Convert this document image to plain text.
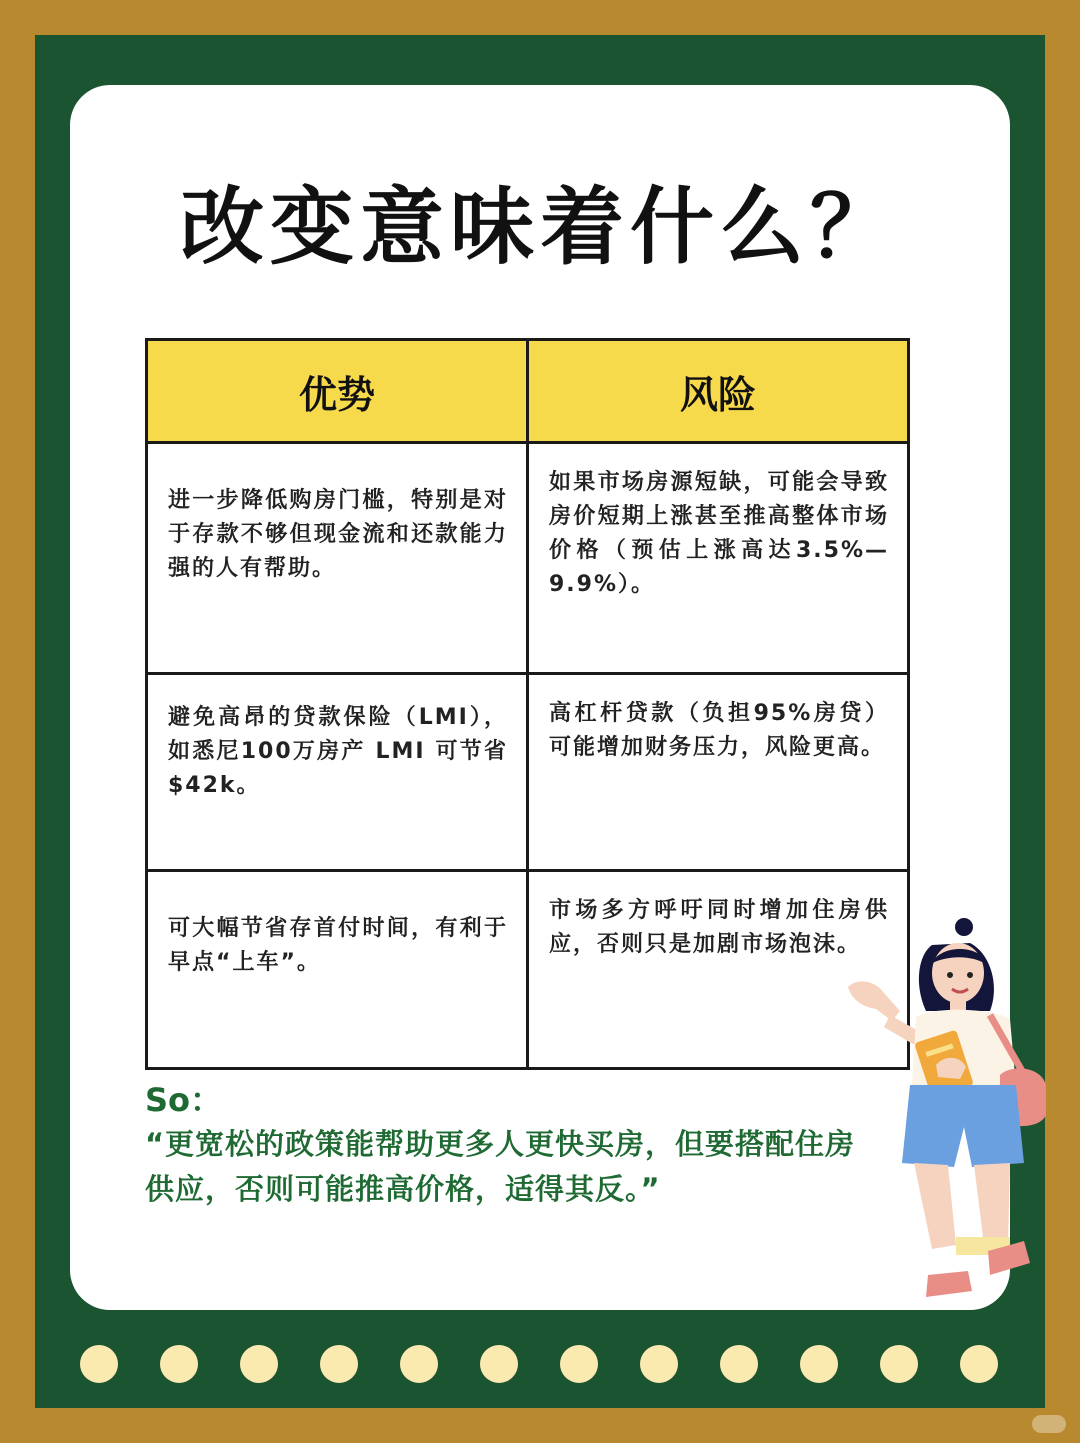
改变意味着什么？
优势	风险
进一步降低购房门槛，特别是对于存款不够但现金流和还款能力强的人有帮助。	如果市场房源短缺，可能会导致房价短期上涨甚至推高整体市场价格（预估上涨高达3.5%—9.9%）。
避免高昂的贷款保险（LMI），如悉尼100万房产 LMI 可节省$42k。	高杠杆贷款（负担95%房贷）可能增加财务压力，风险更高。
可大幅节省存首付时间，有利于早点“上车”。	市场多方呼吁同时增加住房供应，否则只是加剧市场泡沫。
So：
“更宽松的政策能帮助更多人更快买房，但要搭配住房供应，否则可能推高价格，适得其反。”
